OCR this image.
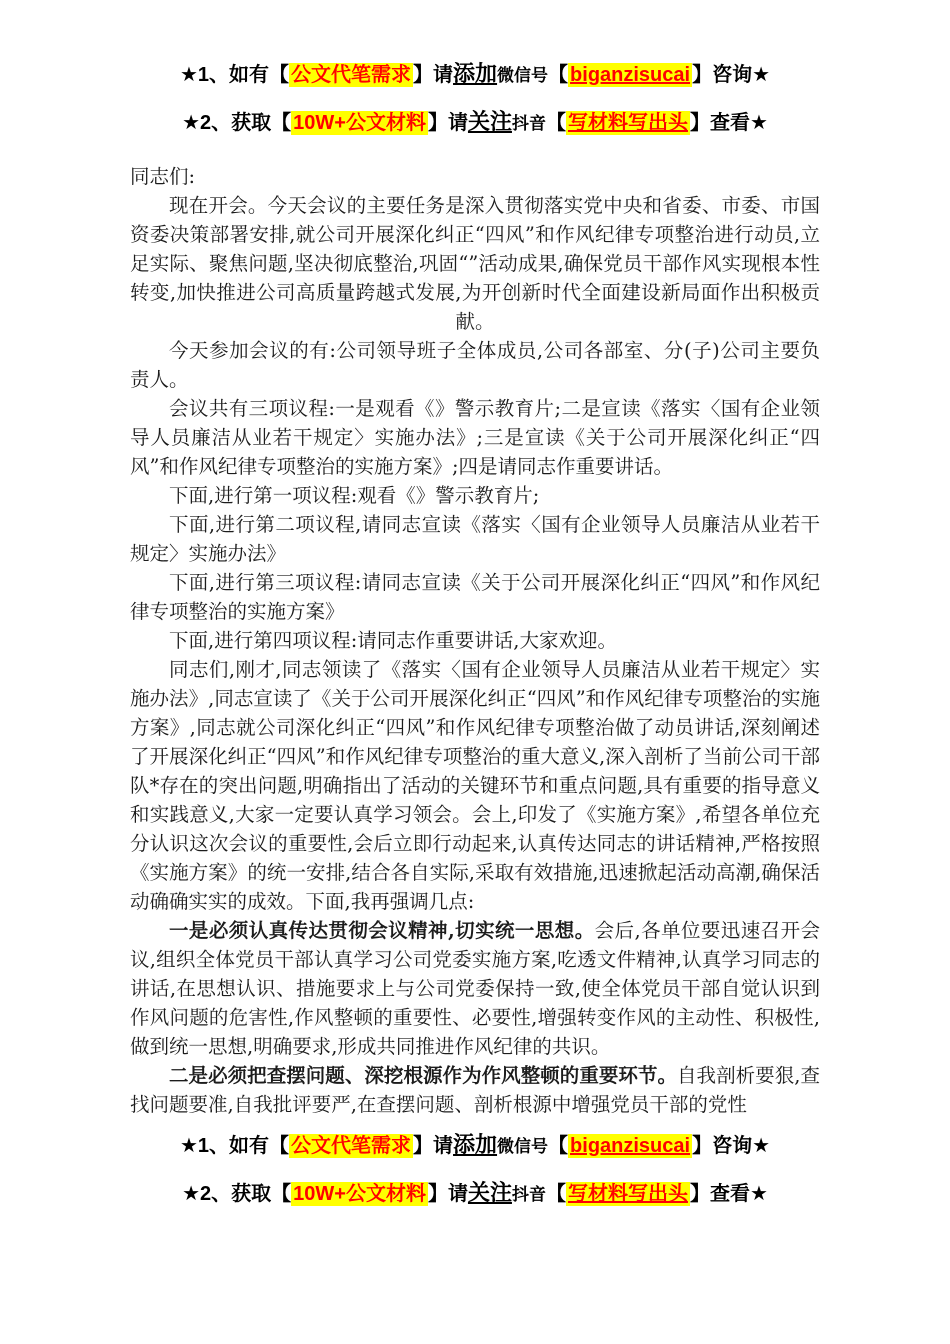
★1、如有【 公文代笔需求 】请添加微信号【 biganzisucai 】咨询★
★2、获取【 10W+公文材料 】请关注抖音【 写材料写出头 】查看★

同志们:

现在开会。今天会议的主要任务是深入贯彻落实党中央和省委、市委、市国资委决策部署安排,就公司开展深化纠正“四风”和作风纪律专项整治进行动员,立足实际、聚焦问题,坚决彻底整治,巩固“”活动成果,确保党员干部作风实现根本性转变,加快推进公司高质量跨越式发展,为开创新时代全面建设新局面作出积极贡献。

今天参加会议的有:公司领导班子全体成员,公司各部室、分(子)公司主要负责人。

会议共有三项议程:一是观看《》警示教育片;二是宣读《落实〈国有企业领导人员廉洁从业若干规定〉实施办法》;三是宣读《关于公司开展深化纠正“四风”和作风纪律专项整治的实施方案》;四是请同志作重要讲话。

下面,进行第一项议程:观看《》警示教育片;

下面,进行第二项议程,请同志宣读《落实〈国有企业领导人员廉洁从业若干规定〉实施办法》

下面,进行第三项议程:请同志宣读《关于公司开展深化纠正“四风”和作风纪律专项整治的实施方案》

下面,进行第四项议程:请同志作重要讲话,大家欢迎。

同志们,刚才,同志领读了《落实〈国有企业领导人员廉洁从业若干规定〉实施办法》,同志宣读了《关于公司开展深化纠正“四风”和作风纪律专项整治的实施方案》,同志就公司深化纠正“四风”和作风纪律专项整治做了动员讲话,深刻阐述了开展深化纠正“四风”和作风纪律专项整治的重大意义,深入剖析了当前公司干部队*存在的突出问题,明确指出了活动的关键环节和重点问题,具有重要的指导意义和实践意义,大家一定要认真学习领会。会上,印发了《实施方案》,希望各单位充分认识这次会议的重要性,会后立即行动起来,认真传达同志的讲话精神,严格按照《实施方案》的统一安排,结合各自实际,采取有效措施,迅速掀起活动高潮,确保活动确确实实的成效。下面,我再强调几点:

一是必须认真传达贯彻会议精神,切实统一思想。会后,各单位要迅速召开会议,组织全体党员干部认真学习公司党委实施方案,吃透文件精神,认真学习同志的讲话,在思想认识、措施要求上与公司党委保持一致,使全体党员干部自觉认识到作风问题的危害性,作风整顿的重要性、必要性,增强转变作风的主动性、积极性,做到统一思想,明确要求,形成共同推进作风纪律的共识。

二是必须把查摆问题、深挖根源作为作风整顿的重要环节。自我剖析要狠,查找问题要准,自我批评要严,在查摆问题、剖析根源中增强党员干部的党性

★1、如有【 公文代笔需求 】请添加微信号【 biganzisucai 】咨询★
★2、获取【 10W+公文材料 】请关注抖音【 写材料写出头 】查看★
